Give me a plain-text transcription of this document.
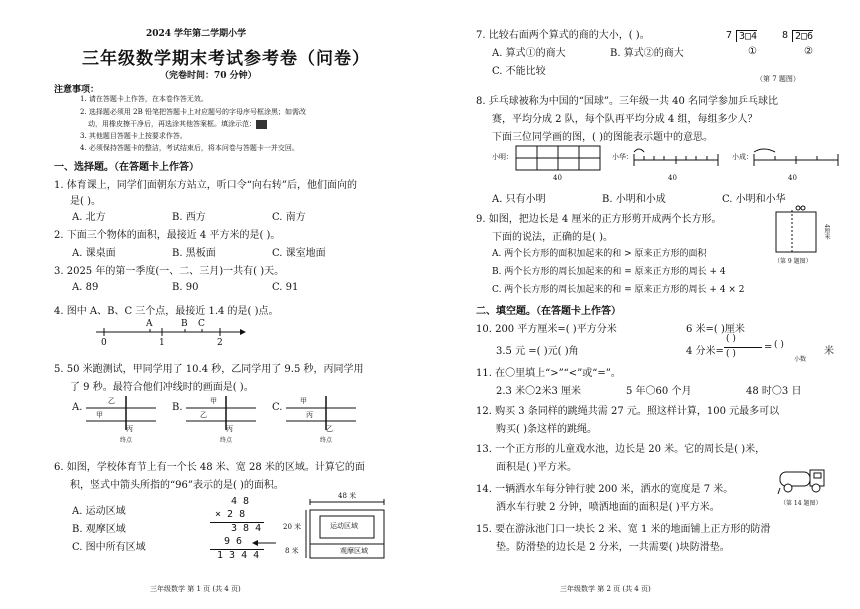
2024 学年第二学期小学
三年级数学期末考试参考卷（问卷）
（完卷时间：70 分钟）
注意事项：
1. 请在答题卡上作答，在本卷作答无效。
2. 选择题必须用 2B 铅笔把答题卡上对应题号的字母序号框涂黑；如需改
动，用橡皮擦干净后，再选涂其他答案框。填涂示范：
3. 其他题目答题卡上按要求作答。
4. 必须保持答题卡的整洁，考试结束后，将本问卷与答题卡一并交回。
一、选择题。（在答题卡上作答）
1. 体育课上，同学们面朝东方站立，听口令“向右转”后，他们面向的
是( )。
A. 北方	B. 西方	C. 南方
2. 下面三个物体的面积，最接近 4 平方米的是( )。
A. 课桌面	B. 黑板面	C. 课室地面
3. 2025 年的第一季度(一、二、三月)一共有( )天。
A. 89	B. 90	C. 91
4. 图中 A、B、C 三个点，最接近 1.4 的是( )点。
A	B C
0	1	2
5. 50 米跑测试，甲同学用了 10.4 秒，乙同学用了 9.5 秒，丙同学用
了 9 秒。最符合他们冲线时的画面是( )。
A.
乙
甲
丙
终点
B.
甲
乙
丙
终点
C.
甲
丙
乙
终点
6. 如图，学校体育节上有一个长 48 米、宽 28 米的区域。计算它的面
积，竖式中箭头所指的“96”表示的是( )的面积。
A. 运动区域
B. 观摩区域
C. 图中所有区域
4 8
× 2 8
3 8 4
9 6
1 3 4 4
48 米
20 米
8 米
运动区域
观摩区域
三年级数学 第 1 页 (共 4 页)
7. 比较右面两个算式的商的大小，( )。
A. 算式①的商大	B. 算式②的商大
C. 不能比较
7 3□4 8 2□6
①	②
（第 7 题图）
8. 乒乓球被称为中国的“国球”。三年级一共 40 名同学参加乒乓球比
赛，平均分成 2 队，每个队再平均分成 4 组，每组多少人？
下面三位同学画的图，( )的图能表示题中的意思。
小明：
40
小华：
40
小成：
40
A. 只有小明	B. 小明和小成	C. 小明和小华
9. 如图，把边长是 4 厘米的正方形剪开成两个长方形。
下面的说法，正确的是( )。
A. 两个长方形的面积加起来的和 > 原来正方形的面积
B. 两个长方形的周长加起来的和 = 原来正方形的周长 + 4
C. 两个长方形的周长加起来的和 = 原来正方形的周长 + 4 × 2
4厘米
（第 9 题图）
二、填空题。（在答题卡上作答）
10. 200 平方厘米=( )平方分米	6 米=( )厘米
3.5 元 =( )元( )角	4 分米=
( )
( )
= ( )
米
小数
11. 在〇里填上“>”“<”或“=”。
2.3 米〇2米3 厘米	5 年〇60 个月	48 时〇3 日
12. 购买 3 条同样的跳绳共需 27 元。照这样计算，100 元最多可以
购买( )条这样的跳绳。
13. 一个正方形的儿童戏水池，边长是 20 米。它的周长是( )米，
面积是( )平方米。
14. 一辆洒水车每分钟行驶 200 米，洒水的宽度是 7 米。
洒水车行驶 2 分钟，喷洒地面的面积是( )平方米。	（第 14 题图）
15. 要在游泳池门口一块长 2 米、宽 1 米的地面铺上正方形的防滑
垫。防滑垫的边长是 2 分米，一共需要( )块防滑垫。
三年级数学 第 2 页 (共 4 页)
